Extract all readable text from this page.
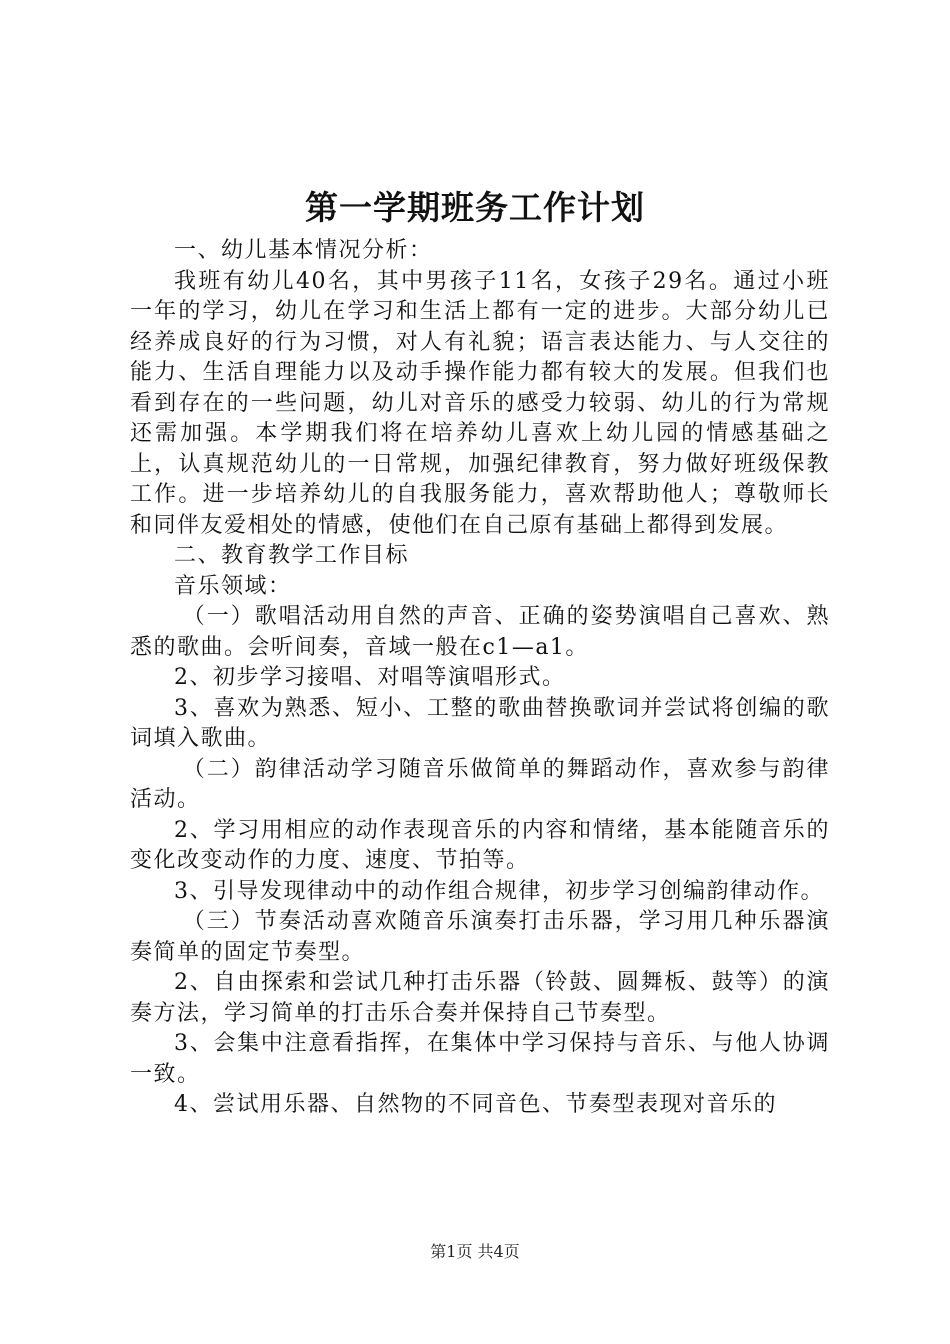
第一学期班务工作计划

一、幼儿基本情况分析：

我班有幼儿40名，其中男孩子11名，女孩子29名。通过小班一年的学习，幼儿在学习和生活上都有一定的进步。大部分幼儿已经养成良好的行为习惯，对人有礼貌；语言表达能力、与人交往的能力、生活自理能力以及动手操作能力都有较大的发展。但我们也看到存在的一些问题，幼儿对音乐的感受力较弱、幼儿的行为常规还需加强。本学期我们将在培养幼儿喜欢上幼儿园的情感基础之上，认真规范幼儿的一日常规，加强纪律教育，努力做好班级保教工作。进一步培养幼儿的自我服务能力，喜欢帮助他人；尊敬师长和同伴友爱相处的情感，使他们在自己原有基础上都得到发展。

二、教育教学工作目标

音乐领域：

（一）歌唱活动用自然的声音、正确的姿势演唱自己喜欢、熟悉的歌曲。会听间奏，音域一般在c1—a1。

2、初步学习接唱、对唱等演唱形式。

3、喜欢为熟悉、短小、工整的歌曲替换歌词并尝试将创编的歌词填入歌曲。

（二）韵律活动学习随音乐做简单的舞蹈动作，喜欢参与韵律活动。

2、学习用相应的动作表现音乐的内容和情绪，基本能随音乐的变化改变动作的力度、速度、节拍等。

3、引导发现律动中的动作组合规律，初步学习创编韵律动作。

（三）节奏活动喜欢随音乐演奏打击乐器，学习用几种乐器演奏简单的固定节奏型。

2、自由探索和尝试几种打击乐器（铃鼓、圆舞板、鼓等）的演奏方法，学习简单的打击乐合奏并保持自己节奏型。

3、会集中注意看指挥，在集体中学习保持与音乐、与他人协调一致。

4、尝试用乐器、自然物的不同音色、节奏型表现对音乐的

第1页 共4页
